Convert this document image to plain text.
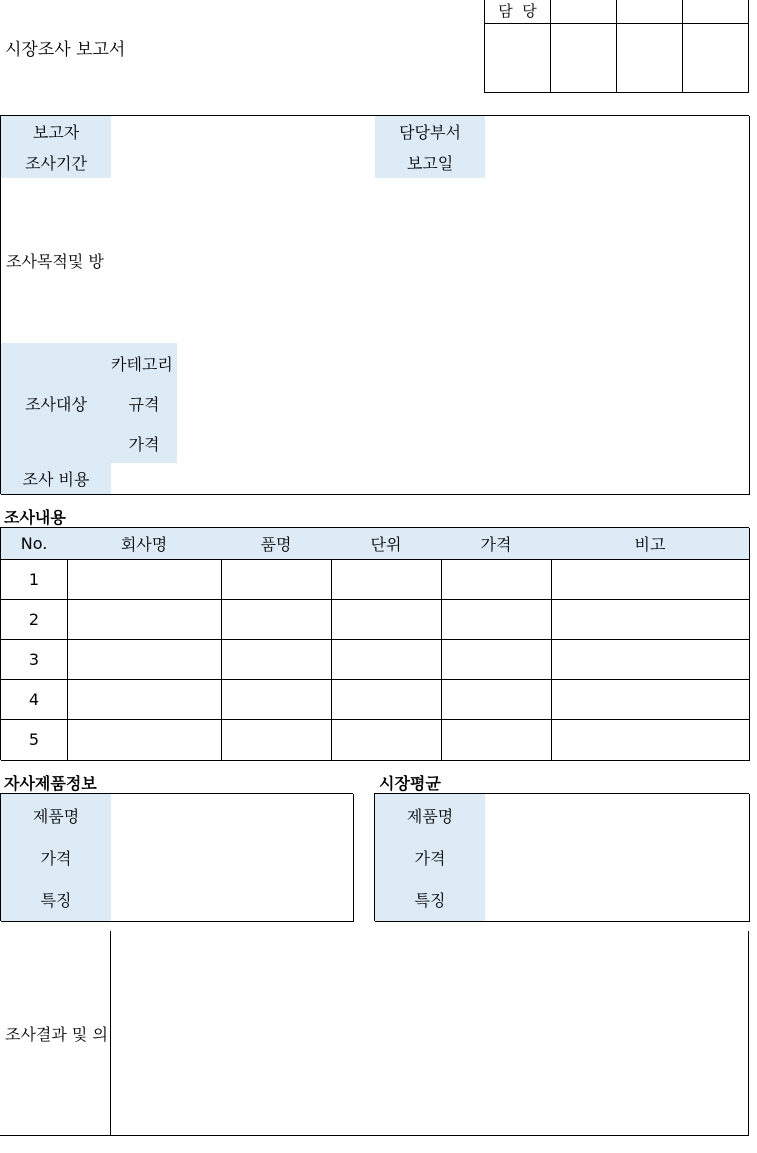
시장조사 보고서
담  당
보고자	담당부서
조사기간	보고일
조사목적및 방
조사대상
카테고리
규격
가격
조사 비용
조사내용
No.	회사명	품명	단위	가격	비고
1
2
3
4
5
자사제품정보
제품명
가격
특징
시장평균
제품명
가격
특징
조사결과 및 의
